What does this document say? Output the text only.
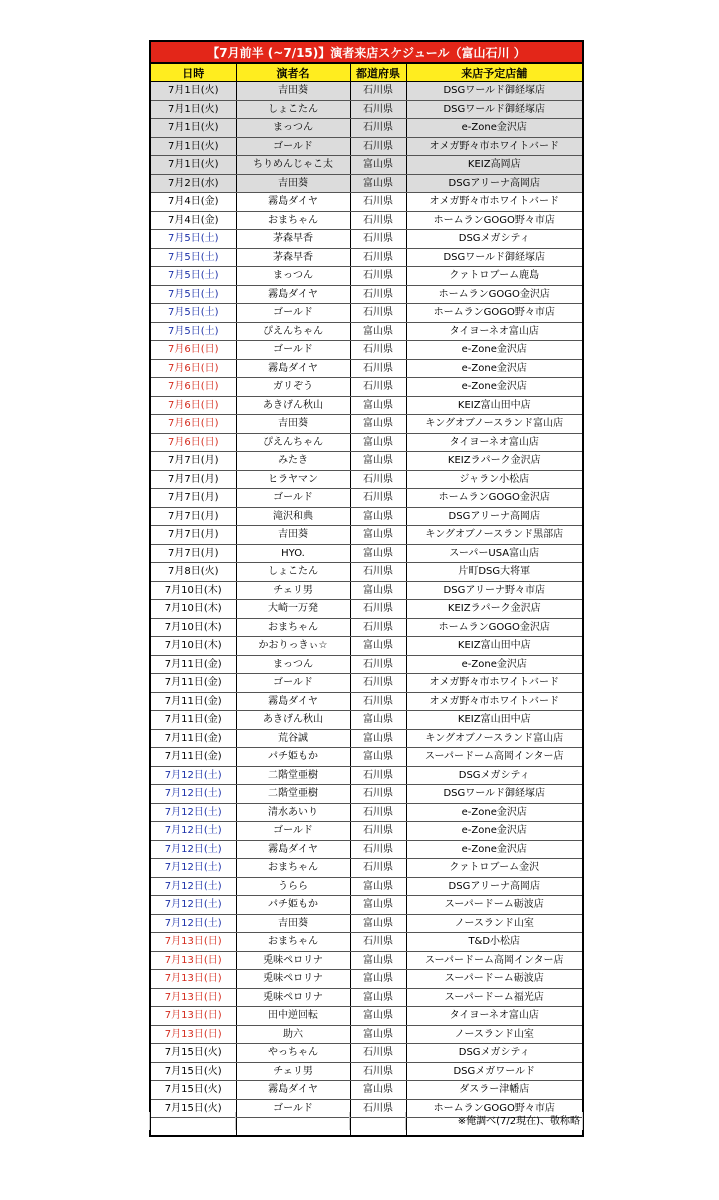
【7月前半 (~7/15)】演者来店スケジュール（富山石川 ）			
日時	演者名	都道府県	来店予定店舗
7月1日(火)	吉田葵	石川県	DSGワールド御経塚店
7月1日(火)	しょこたん	石川県	DSGワールド御経塚店
7月1日(火)	まっつん	石川県	e-Zone金沢店
7月1日(火)	ゴールド	石川県	オメガ野々市ホワイトバード
7月1日(火)	ちりめんじゃこ太	富山県	KEIZ高岡店
7月2日(水)	吉田葵	富山県	DSGアリーナ高岡店
7月4日(金)	霧島ダイヤ	石川県	オメガ野々市ホワイトバード
7月4日(金)	おまちゃん	石川県	ホームランGOGO野々市店
7月5日(土)	茅森早香	石川県	DSGメガシティ
7月5日(土)	茅森早香	石川県	DSGワールド御経塚店
7月5日(土)	まっつん	石川県	クァトロブーム鹿島
7月5日(土)	霧島ダイヤ	石川県	ホームランGOGO金沢店
7月5日(土)	ゴールド	石川県	ホームランGOGO野々市店
7月5日(土)	ぴえんちゃん	富山県	タイヨーネオ富山店
7月6日(日)	ゴールド	石川県	e-Zone金沢店
7月6日(日)	霧島ダイヤ	石川県	e-Zone金沢店
7月6日(日)	ガリぞう	石川県	e-Zone金沢店
7月6日(日)	あきげん秋山	富山県	KEIZ富山田中店
7月6日(日)	吉田葵	富山県	キングオブノースランド富山店
7月6日(日)	ぴえんちゃん	富山県	タイヨーネオ富山店
7月7日(月)	みたき	富山県	KEIZラパーク金沢店
7月7日(月)	ヒラヤマン	石川県	ジャラン小松店
7月7日(月)	ゴールド	石川県	ホームランGOGO金沢店
7月7日(月)	滝沢和典	富山県	DSGアリーナ高岡店
7月7日(月)	吉田葵	富山県	キングオブノースランド黒部店
7月7日(月)	HYO.	富山県	スーパーUSA富山店
7月8日(火)	しょこたん	石川県	片町DSG大将軍
7月10日(木)	チェリ男	富山県	DSGアリーナ野々市店
7月10日(木)	大崎一万発	石川県	KEIZラパーク金沢店
7月10日(木)	おまちゃん	石川県	ホームランGOGO金沢店
7月10日(木)	かおりっきぃ☆	富山県	KEIZ富山田中店
7月11日(金)	まっつん	石川県	e-Zone金沢店
7月11日(金)	ゴールド	石川県	オメガ野々市ホワイトバード
7月11日(金)	霧島ダイヤ	石川県	オメガ野々市ホワイトバード
7月11日(金)	あきげん秋山	富山県	KEIZ富山田中店
7月11日(金)	荒谷誠	富山県	キングオブノースランド富山店
7月11日(金)	パチ姫もか	富山県	スーパードーム高岡インター店
7月12日(土)	二階堂亜樹	石川県	DSGメガシティ
7月12日(土)	二階堂亜樹	石川県	DSGワールド御経塚店
7月12日(土)	清水あいり	石川県	e-Zone金沢店
7月12日(土)	ゴールド	石川県	e-Zone金沢店
7月12日(土)	霧島ダイヤ	石川県	e-Zone金沢店
7月12日(土)	おまちゃん	石川県	クァトロブーム金沢
7月12日(土)	うらら	富山県	DSGアリーナ高岡店
7月12日(土)	パチ姫もか	富山県	スーパードーム砺波店
7月12日(土)	吉田葵	富山県	ノースランド山室
7月13日(日)	おまちゃん	石川県	T&D小松店
7月13日(日)	兎味ペロリナ	富山県	スーパードーム高岡インター店
7月13日(日)	兎味ペロリナ	富山県	スーパードーム砺波店
7月13日(日)	兎味ペロリナ	富山県	スーパードーム福光店
7月13日(日)	田中逆回転	富山県	タイヨーネオ富山店
7月13日(日)	助六	富山県	ノースランド山室
7月15日(火)	やっちゃん	石川県	DSGメガシティ
7月15日(火)	チェリ男	石川県	DSGメガワールド
7月15日(火)	霧島ダイヤ	富山県	ダスラー津幡店
7月15日(火)	ゴールド	石川県	ホームランGOGO野々市店

			※俺調べ(7/2現在)、敬称略
